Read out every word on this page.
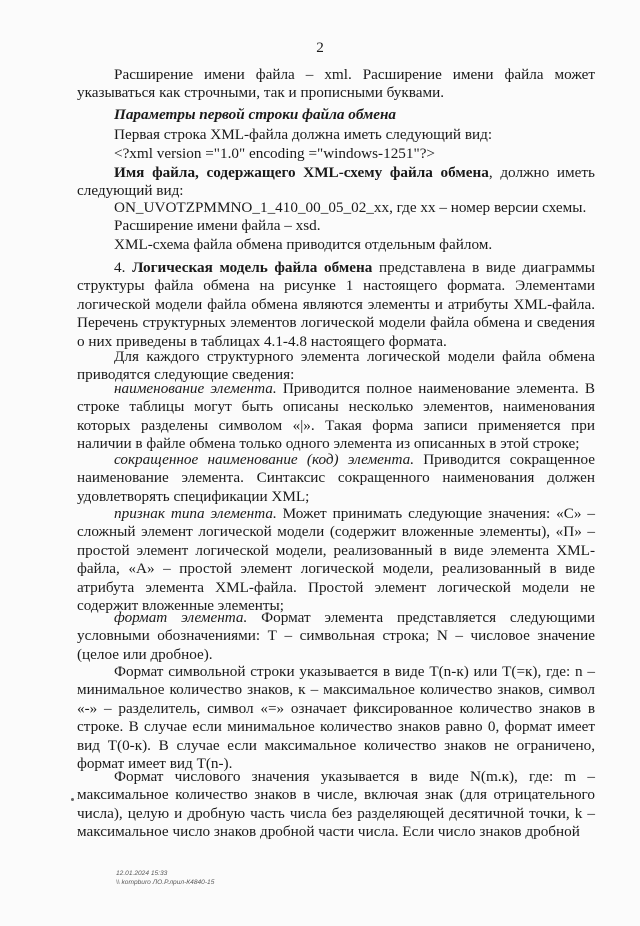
2
Расширение имени файла – xml. Расширение имени файла может указываться как строчными, так и прописными буквами.
Параметры первой строки файла обмена
Первая строка XML-файла должна иметь следующий вид:
<?xml version ="1.0" encoding ="windows-1251"?>
Имя файла, содержащего XML-схему файла обмена, должно иметь следующий вид:
ON_UVOTZPMMNO_1_410_00_05_02_xx, где хх – номер версии схемы.
Расширение имени файла – xsd.
XML-схема файла обмена приводится отдельным файлом.
4. Логическая модель файла обмена представлена в виде диаграммы структуры файла обмена на рисунке 1 настоящего формата. Элементами логической модели файла обмена являются элементы и атрибуты XML-файла. Перечень структурных элементов логической модели файла обмена и сведения о них приведены в таблицах 4.1-4.8 настоящего формата.
Для каждого структурного элемента логической модели файла обмена приводятся следующие сведения:
наименование элемента. Приводится полное наименование элемента. В строке таблицы могут быть описаны несколько элементов, наименования которых разделены символом «|». Такая форма записи применяется при наличии в файле обмена только одного элемента из описанных в этой строке;
сокращенное наименование (код) элемента. Приводится сокращенное наименование элемента. Синтаксис сокращенного наименования должен удовлетворять спецификации XML;
признак типа элемента. Может принимать следующие значения: «С» – сложный элемент логической модели (содержит вложенные элементы), «П» – простой элемент логической модели, реализованный в виде элемента XML-файла, «А» – простой элемент логической модели, реализованный в виде атрибута элемента XML-файла. Простой элемент логической модели не содержит вложенные элементы;
формат элемента. Формат элемента представляется следующими условными обозначениями: Т – символьная строка; N – числовое значение (целое или дробное).
Формат символьной строки указывается в виде Т(n-к) или Т(=к), где: n – минимальное количество знаков, к – максимальное количество знаков, символ «-» – разделитель, символ «=» означает фиксированное количество знаков в строке. В случае если минимальное количество знаков равно 0, формат имеет вид Т(0-к). В случае если максимальное количество знаков не ограничено, формат имеет вид Т(n-).
Формат числового значения указывается в виде N(m.к), где: m – максимальное количество знаков в числе, включая знак (для отрицательного числа), целую и дробную часть числа без разделяющей десятичной точки, k – максимальное число знаков дробной части числа. Если число знаков дробной
12.01.2024 15:33
\\ kompburo ЛО.Р.лрил-К4840-15
